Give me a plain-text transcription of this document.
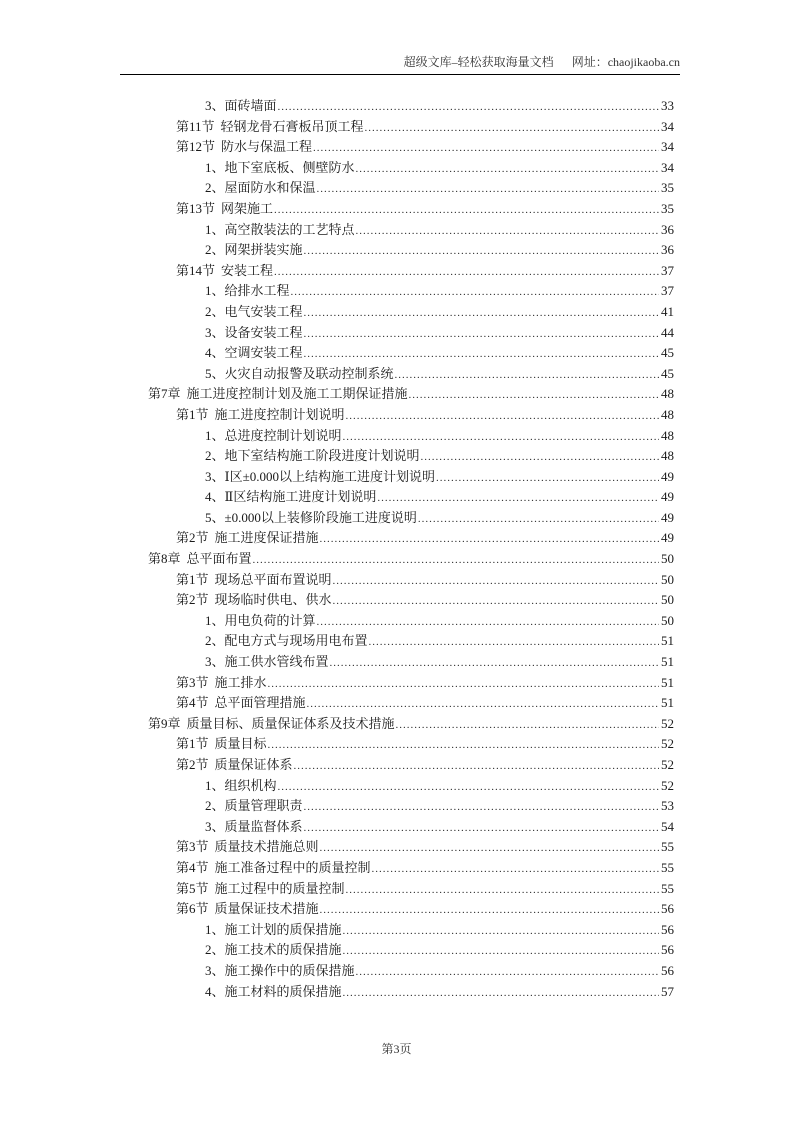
超级文库–轻松获取海量文档 网址：chaojikaoba.cn
3、 面砖墙面 .....	33
第11节 轻钢龙骨石膏板吊顶工程 .....	34
第12节 防水与保温工程 .....	34
1、 地下室底板、侧壁防水 .....	34
2、 屋面防水和保温 .....	35
第13节 网架施工 .....	35
1、 高空散装法的工艺特点 .....	36
2、 网架拼装实施 .....	36
第14节 安装工程 .....	37
1、 给排水工程 .....	37
2、 电气安装工程 .....	41
3、 设备安装工程 .....	44
4、 空调安装工程 .....	45
5、 火灾自动报警及联动控制系统 .....	45
第7章 施工进度控制计划及施工工期保证措施 .....	48
第1节 施工进度控制计划说明 .....	48
1、 总进度控制计划说明 .....	48
2、 地下室结构施工阶段进度计划说明 .....	48
3、 Ⅰ区±0.000以上结构施工进度计划说明 .....	49
4、 Ⅱ区结构施工进度计划说明 .....	49
5、 ±0.000以上装修阶段施工进度说明 .....	49
第2节 施工进度保证措施 .....	49
第8章 总平面布置 .....	50
第1节 现场总平面布置说明 .....	50
第2节 现场临时供电、供水 .....	50
1、 用电负荷的计算 .....	50
2、 配电方式与现场用电布置 .....	51
3、 施工供水管线布置 .....	51
第3节 施工排水 .....	51
第4节 总平面管理措施 .....	51
第9章 质量目标、质量保证体系及技术措施 .....	52
第1节 质量目标 .....	52
第2节 质量保证体系 .....	52
1、 组织机构 .....	52
2、 质量管理职责 .....	53
3、 质量监督体系 .....	54
第3节 质量技术措施总则 .....	55
第4节 施工准备过程中的质量控制 .....	55
第5节 施工过程中的质量控制 .....	55
第6节 质量保证技术措施 .....	56
1、 施工计划的质保措施 .....	56
2、 施工技术的质保措施 .....	56
3、 施工操作中的质保措施 .....	56
4、 施工材料的质保措施 .....	57
第3页
